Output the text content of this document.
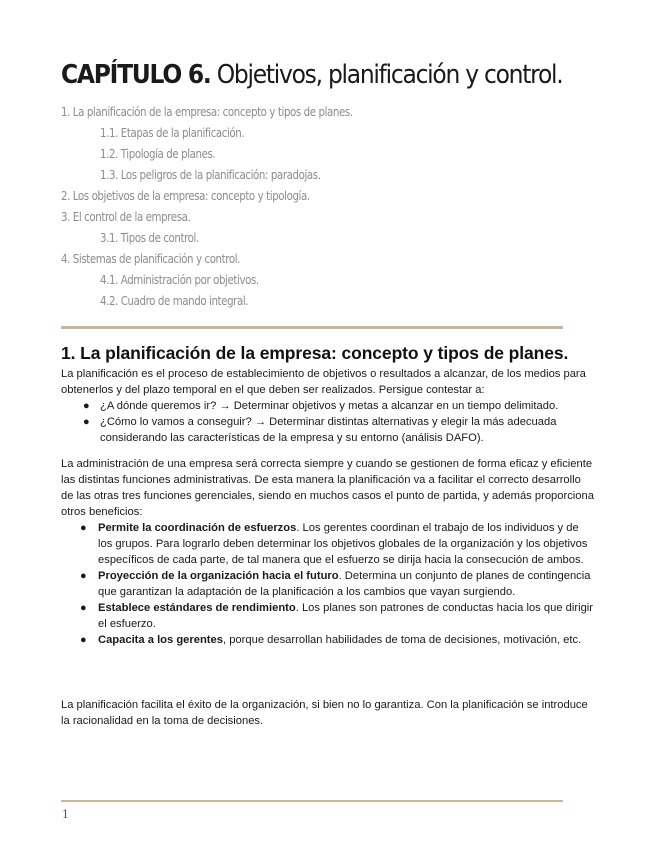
CAPÍTULO 6. Objetivos, planificación y control.
1. La planificación de la empresa: concepto y tipos de planes.
1.1. Etapas de la planificación.
1.2. Tipología de planes.
1.3. Los peligros de la planificación: paradojas.
2. Los objetivos de la empresa: concepto y tipología.
3. El control de la empresa.
3.1. Tipos de control.
4. Sistemas de planificación y control.
4.1. Administración por objetivos.
4.2. Cuadro de mando integral.
1. La planificación de la empresa: concepto y tipos de planes.

La planificación es el proceso de establecimiento de objetivos o resultados a alcanzar, de los medios para obtenerlos y del plazo temporal en el que deben ser realizados. Persigue contestar a:

● ¿A dónde queremos ir? → Determinar objetivos y metas a alcanzar en un tiempo delimitado.
● ¿Cómo lo vamos a conseguir? → Determinar distintas alternativas y elegir la más adecuada considerando las características de la empresa y su entorno (análisis DAFO).

La administración de una empresa será correcta siempre y cuando se gestionen de forma eficaz y eficiente las distintas funciones administrativas. De esta manera la planificación va a facilitar el correcto desarrollo de las otras tres funciones gerenciales, siendo en muchos casos el punto de partida, y además proporciona otros beneficios:

● Permite la coordinación de esfuerzos. Los gerentes coordinan el trabajo de los individuos y de los grupos. Para lograrlo deben determinar los objetivos globales de la organización y los objetivos específicos de cada parte, de tal manera que el esfuerzo se dirija hacia la consecución de ambos.
● Proyección de la organización hacia el futuro. Determina un conjunto de planes de contingencia que garantizan la adaptación de la planificación a los cambios que vayan surgiendo.
● Establece estándares de rendimiento. Los planes son patrones de conductas hacia los que dirigir el esfuerzo.
● Capacita a los gerentes, porque desarrollan habilidades de toma de decisiones, motivación, etc.

La planificación facilita el éxito de la organización, si bien no lo garantiza. Con la planificación se introduce la racionalidad en la toma de decisiones.

1
